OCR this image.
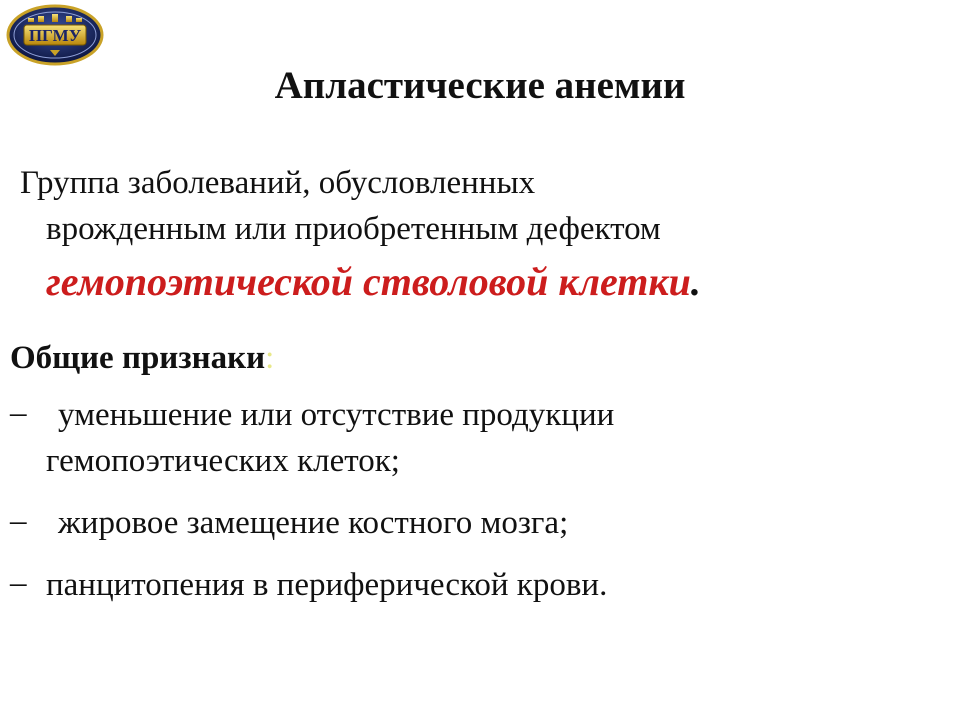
ПГМУ
Апластические анемии
Группа заболеваний, обусловленных
врожденным или приобретенным дефектом
гемопоэтической стволовой клетки.
Общие признаки:
– уменьшение или отсутствие продукции
гемопоэтических клеток;
– жировое замещение костного мозга;
– панцитопения в периферической крови.
